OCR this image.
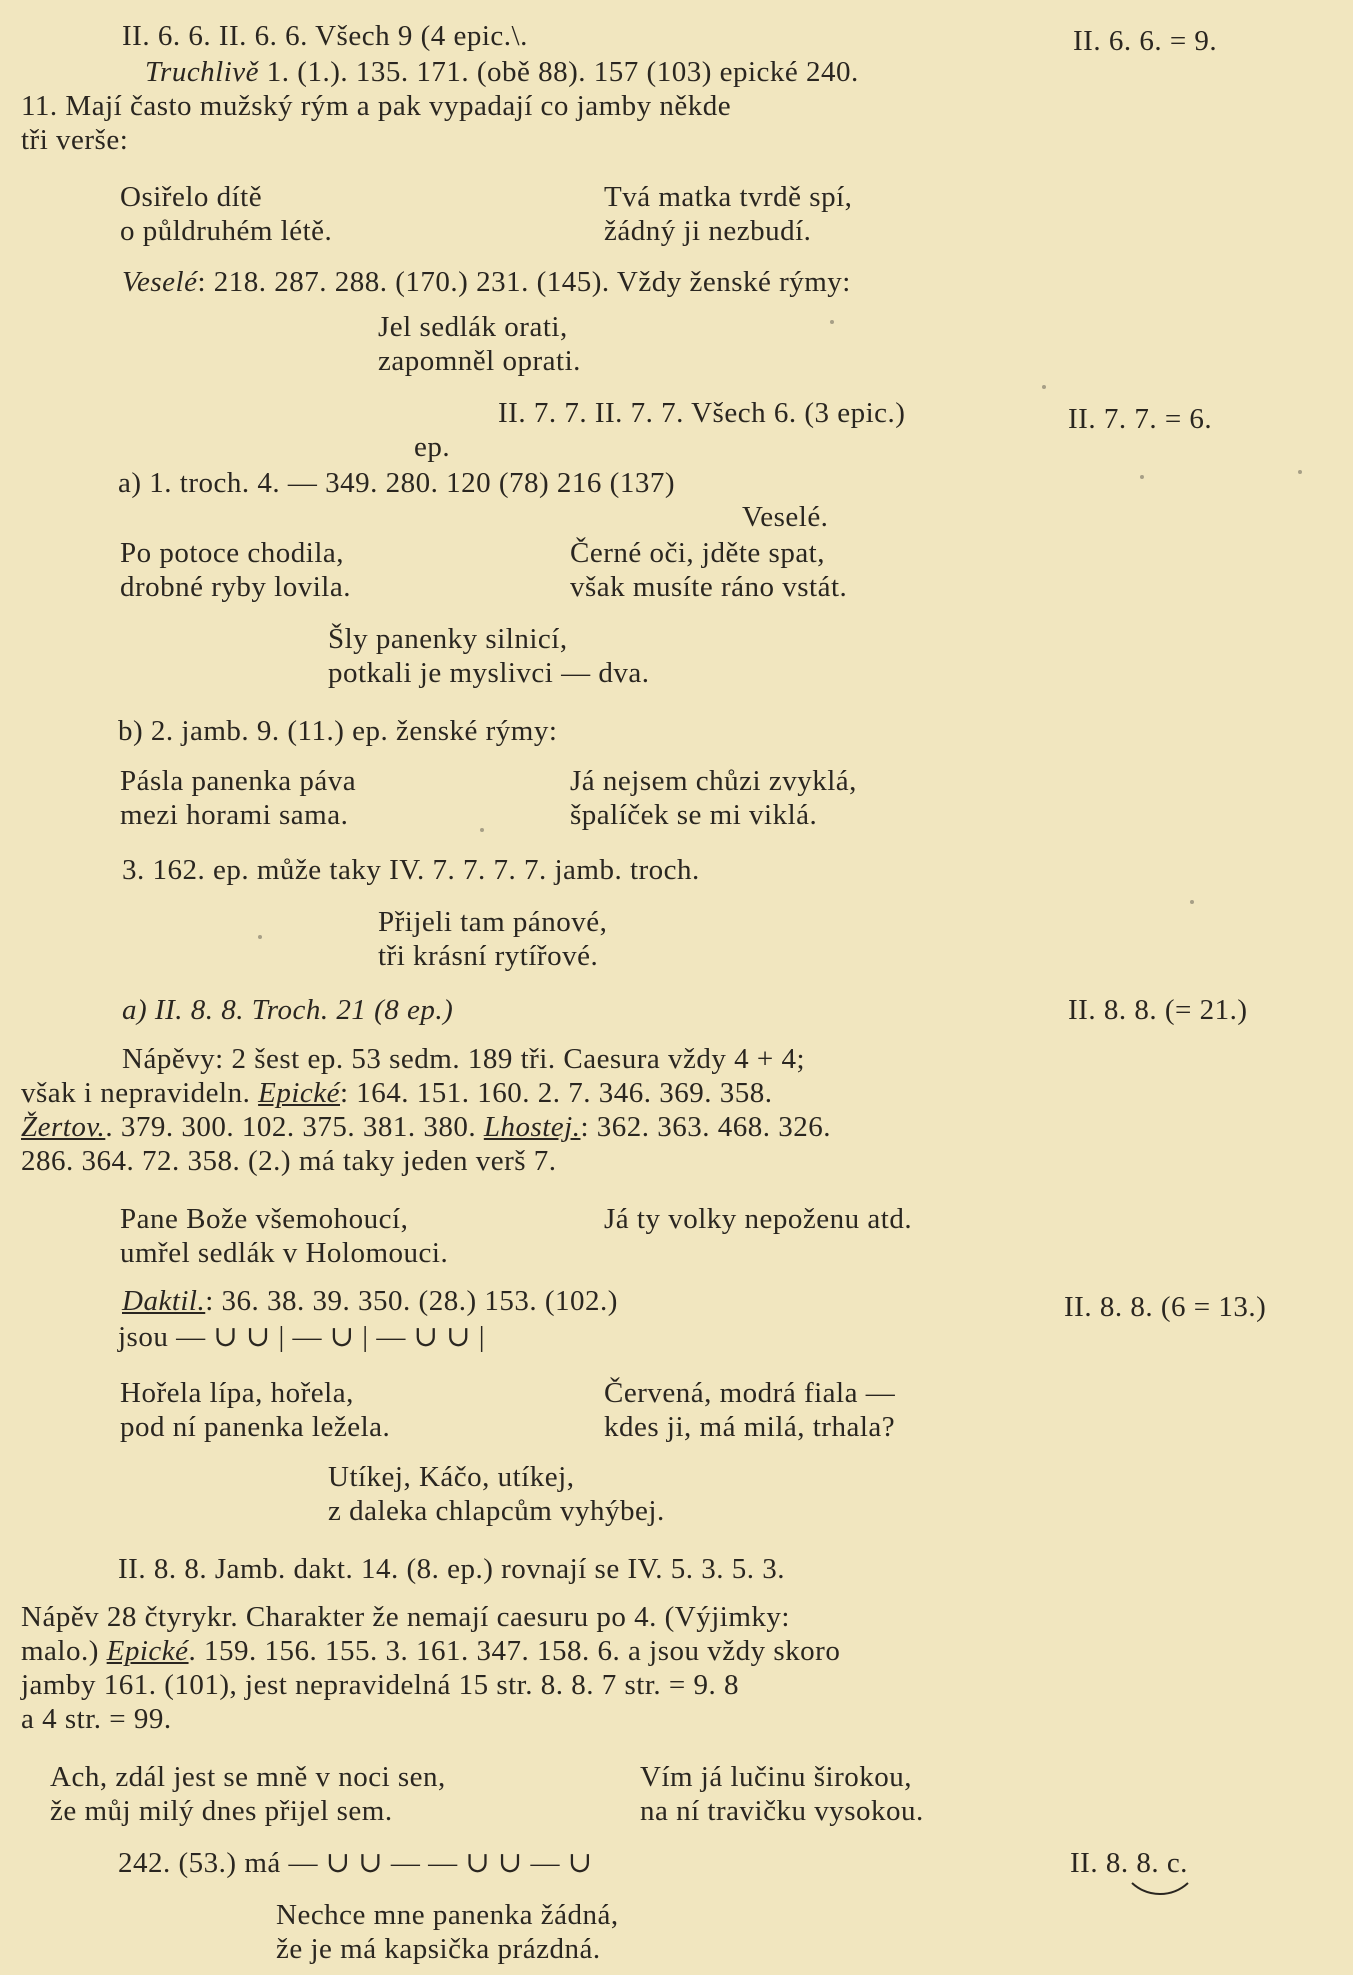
II. 6. 6. II. 6. 6. Všech 9 (4 epic.\.	II. 6. 6. = 9.
Truchlivě 1. (1.). 135. 171. (obě 88). 157 (103) epické 240.
11. Mají často mužský rým a pak vypadají co jamby někde
tři verše:
Osiřelo dítě
o půldruhém létě.
Tvá matka tvrdě spí,
žádný ji nezbudí.
Veselé: 218. 287. 288. (170.) 231. (145). Vždy ženské rýmy:
Jel sedlák orati,
zapomněl oprati.
II. 7. 7. II. 7. 7. Všech 6. (3 epic.)	II. 7. 7. = 6.
ep.
a) 1. troch. 4. — 349. 280. 120 (78) 216 (137)
Veselé.
Po potoce chodila,
drobné ryby lovila.
Černé oči, jděte spat,
však musíte ráno vstát.
Šly panenky silnicí,
potkali je myslivci — dva.
b) 2. jamb. 9. (11.) ep. ženské rýmy:
Pásla panenka páva
mezi horami sama.
Já nejsem chůzi zvyklá,
špalíček se mi viklá.
3. 162. ep. může taky IV. 7. 7. 7. 7. jamb. troch.
Přijeli tam pánové,
tři krásní rytířové.
a) II. 8. 8. Troch. 21 (8 ep.)	II. 8. 8. (= 21.)
Nápěvy: 2 šest ep. 53 sedm. 189 tři. Caesura vždy 4 + 4;
však i nepravideln. Epické: 164. 151. 160. 2. 7. 346. 369. 358.
Žertov.. 379. 300. 102. 375. 381. 380. Lhostej.: 362. 363. 468. 326.
286. 364. 72. 358. (2.) má taky jeden verš 7.
Pane Bože všemohoucí,
umřel sedlák v Holomouci.
Já ty volky nepoženu atd.
Daktil.: 36. 38. 39. 350. (28.) 153. (102.)	II. 8. 8. (6 = 13.)
jsou — ∪ ∪ | — ∪ | — ∪ ∪ |
Hořela lípa, hořela,
pod ní panenka ležela.
Červená, modrá fiala —
kdes ji, má milá, trhala?
Utíkej, Káčo, utíkej,
z daleka chlapcům vyhýbej.
II. 8. 8. Jamb. dakt. 14. (8. ep.) rovnají se IV. 5. 3. 5. 3.
Nápěv 28 čtyrykr. Charakter že nemají caesuru po 4. (Výjimky:
malo.) Epické. 159. 156. 155. 3. 161. 347. 158. 6. a jsou vždy skoro
jamby 161. (101), jest nepravidelná 15 str. 8. 8. 7 str. = 9. 8
a 4 str. = 99.
Ach, zdál jest se mně v noci sen,
že můj milý dnes přijel sem.
Vím já lučinu širokou,
na ní travičku vysokou.
242. (53.) má — ∪ ∪ — — ∪ ∪ — ∪	II. 8. 8. c.
Nechce mne panenka žádná,
že je má kapsička prázdná.
